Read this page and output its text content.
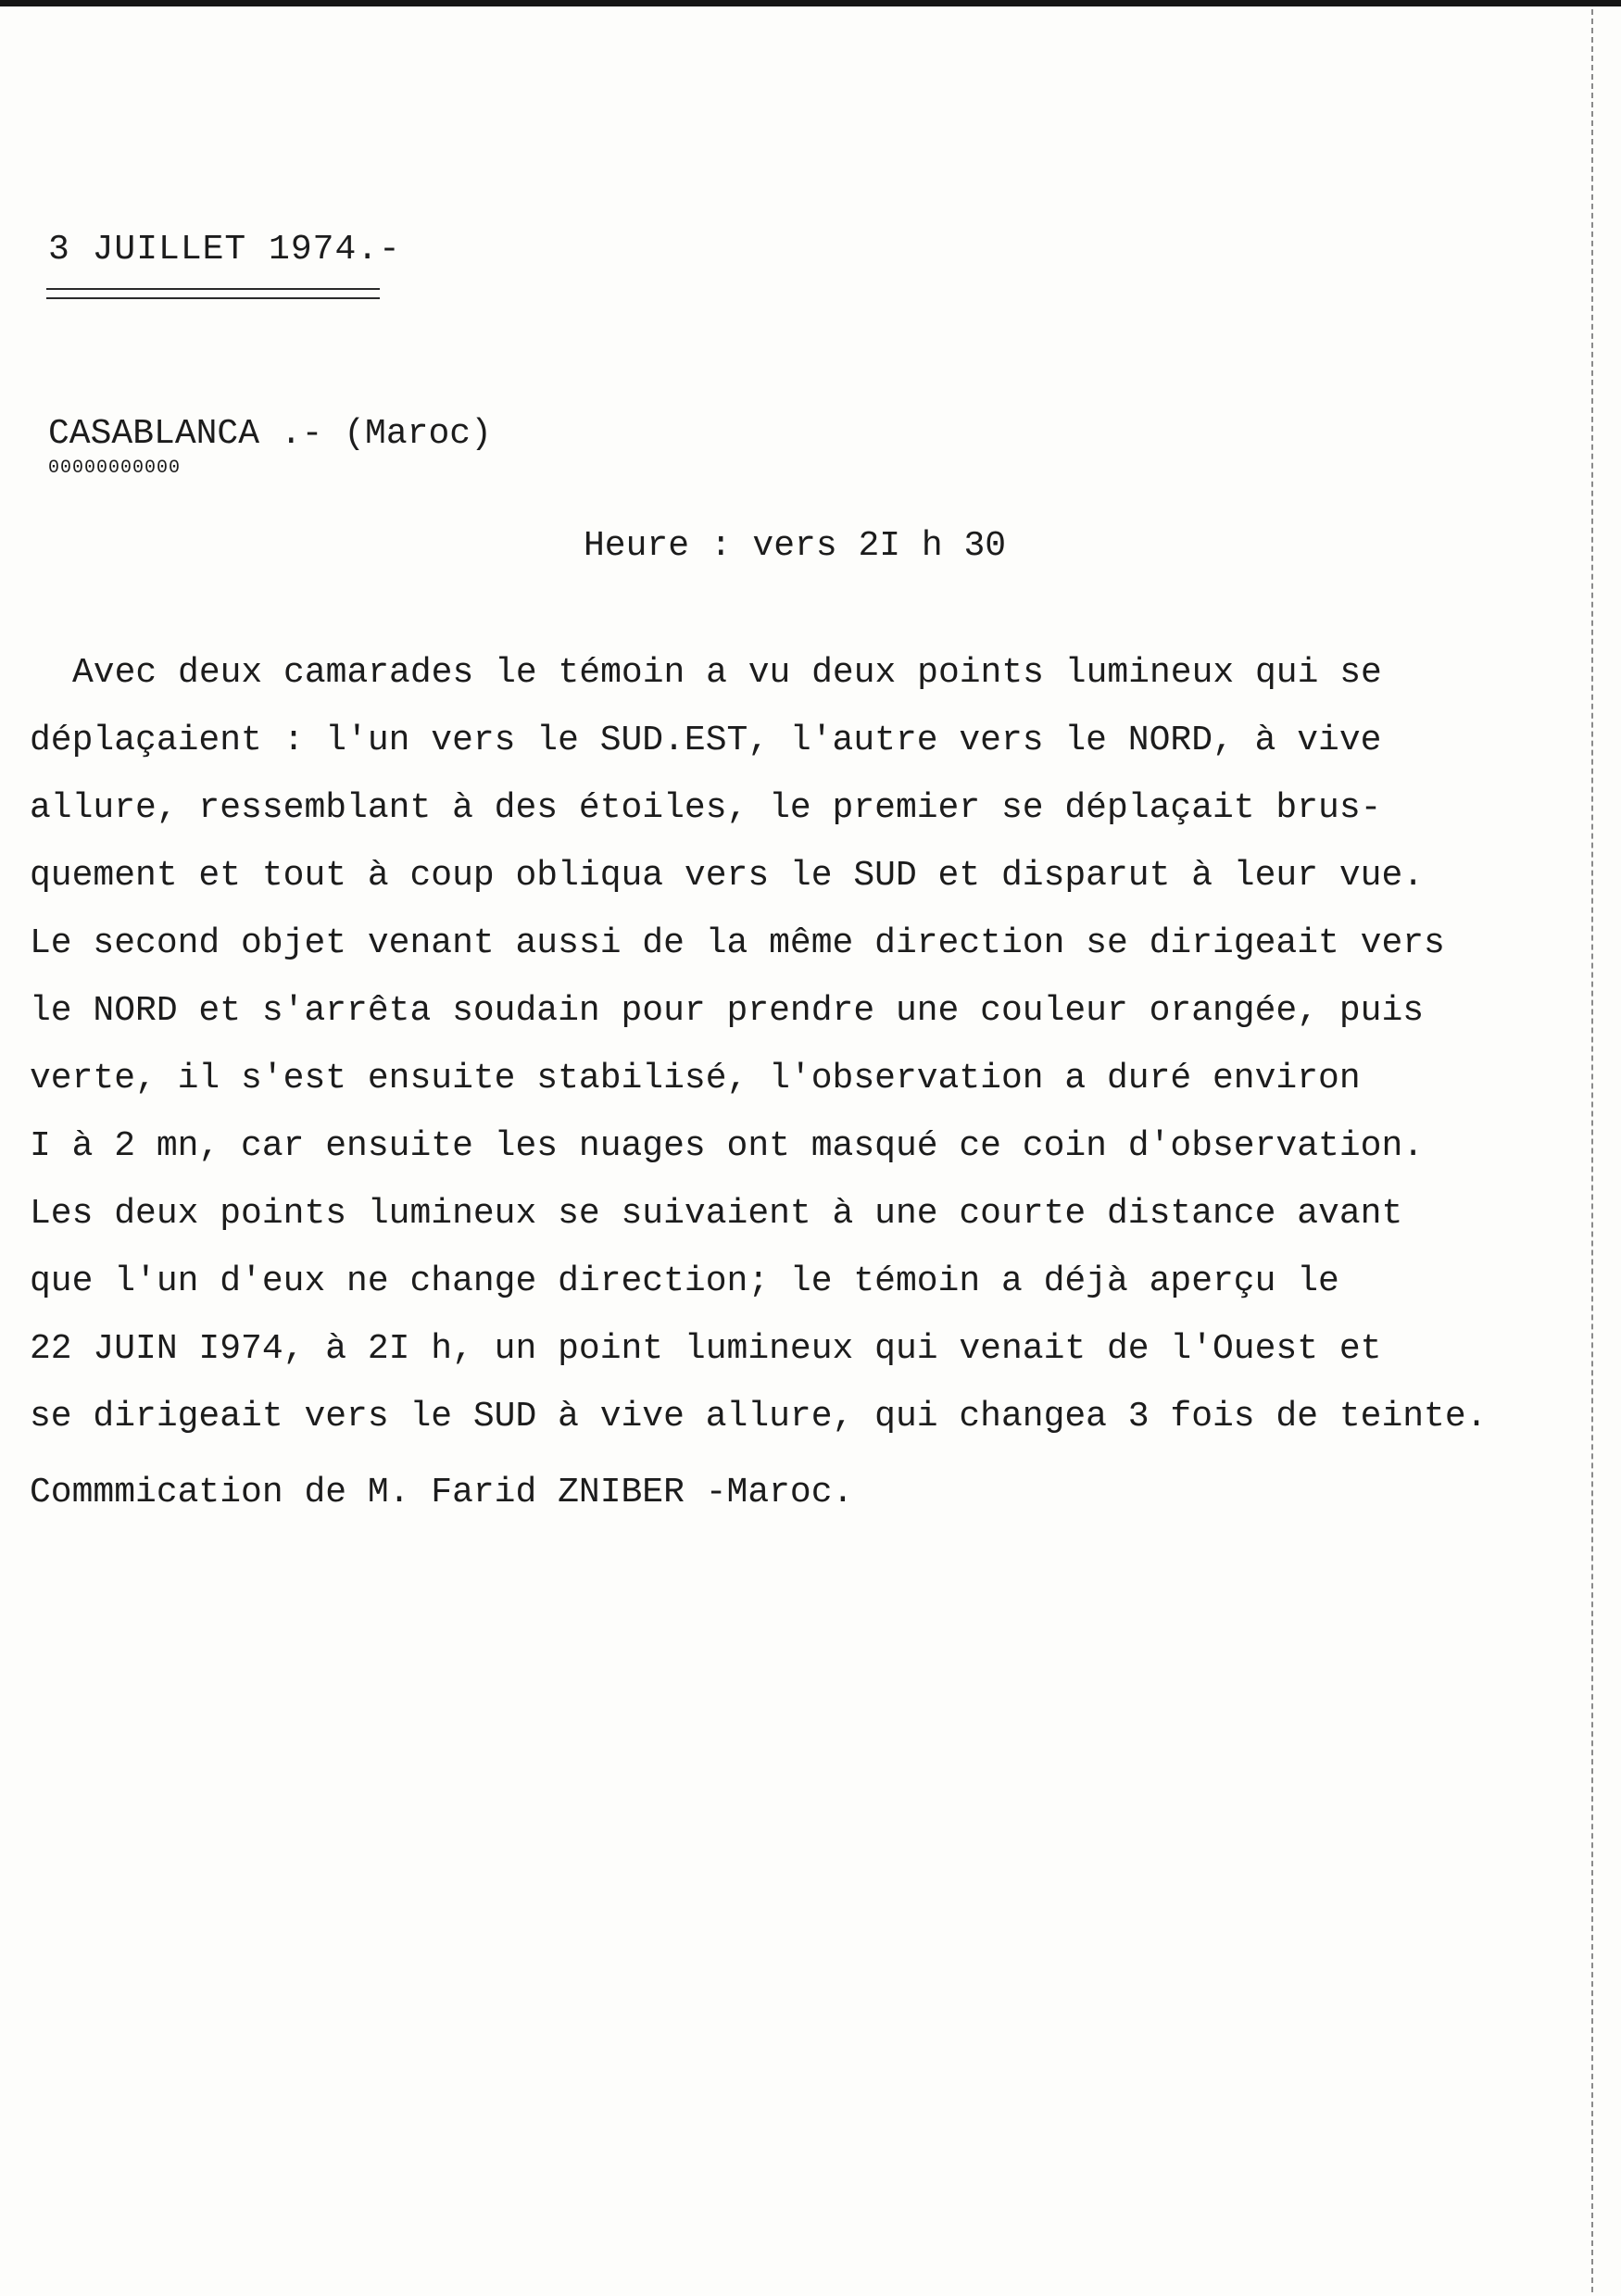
3 JUILLET 1974.-
CASABLANCA .- (Maroc)
00000000000
Heure : vers 2I h 30
Avec deux camarades le témoin a vu deux points lumineux qui se
déplaçaient : l'un vers le SUD.EST, l'autre vers le NORD, à vive
allure, ressemblant à des étoiles, le premier se déplaçait brus-
quement et tout à coup obliqua vers le SUD et disparut à leur vue.
Le second objet venant aussi de la même direction se dirigeait vers
le NORD et s'arrêta soudain pour prendre une couleur orangée, puis
verte, il s'est ensuite stabilisé, l'observation a duré environ
I à 2 mn, car ensuite les nuages ont masqué ce coin d'observation.
Les deux points lumineux se suivaient à une courte distance avant
que l'un d'eux ne change direction; le témoin a déjà aperçu le
22 JUIN I974, à 2I h, un point lumineux qui venait de l'Ouest et
se dirigeait vers le SUD à vive allure, qui changea 3 fois de teinte.
Commmication de M. Farid ZNIBER -Maroc.
